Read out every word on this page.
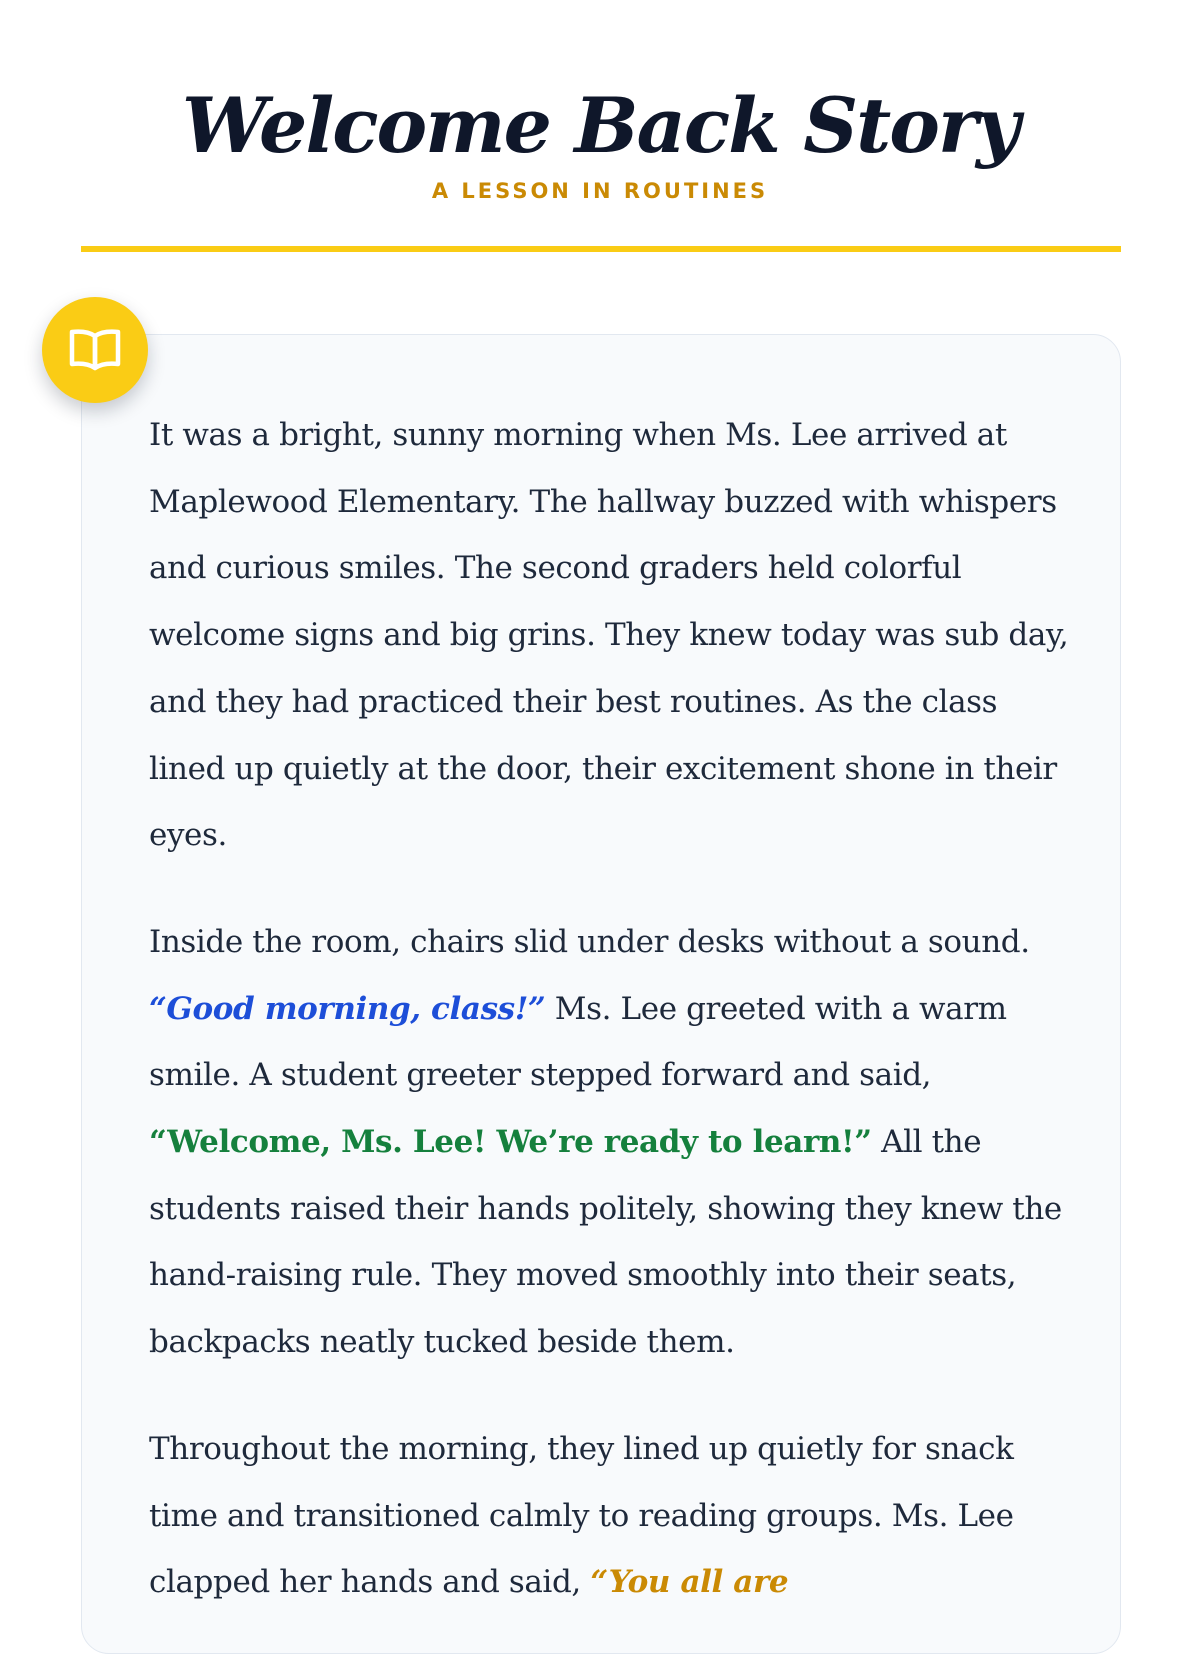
Welcome Back Story
A LESSON IN ROUTINES

It was a bright, sunny morning when Ms. Lee arrived at Maplewood Elementary. The hallway buzzed with whispers and curious smiles. The second graders held colorful welcome signs and big grins. They knew today was sub day, and they had practiced their best routines. As the class lined up quietly at the door, their excitement shone in their eyes.

Inside the room, chairs slid under desks without a sound. “Good morning, class!” Ms. Lee greeted with a warm smile. A student greeter stepped forward and said, “Welcome, Ms. Lee! We’re ready to learn!” All the students raised their hands politely, showing they knew the hand-raising rule. They moved smoothly into their seats, backpacks neatly tucked beside them.

Throughout the morning, they lined up quietly for snack time and transitioned calmly to reading groups. Ms. Lee clapped her hands and said, “You all are
